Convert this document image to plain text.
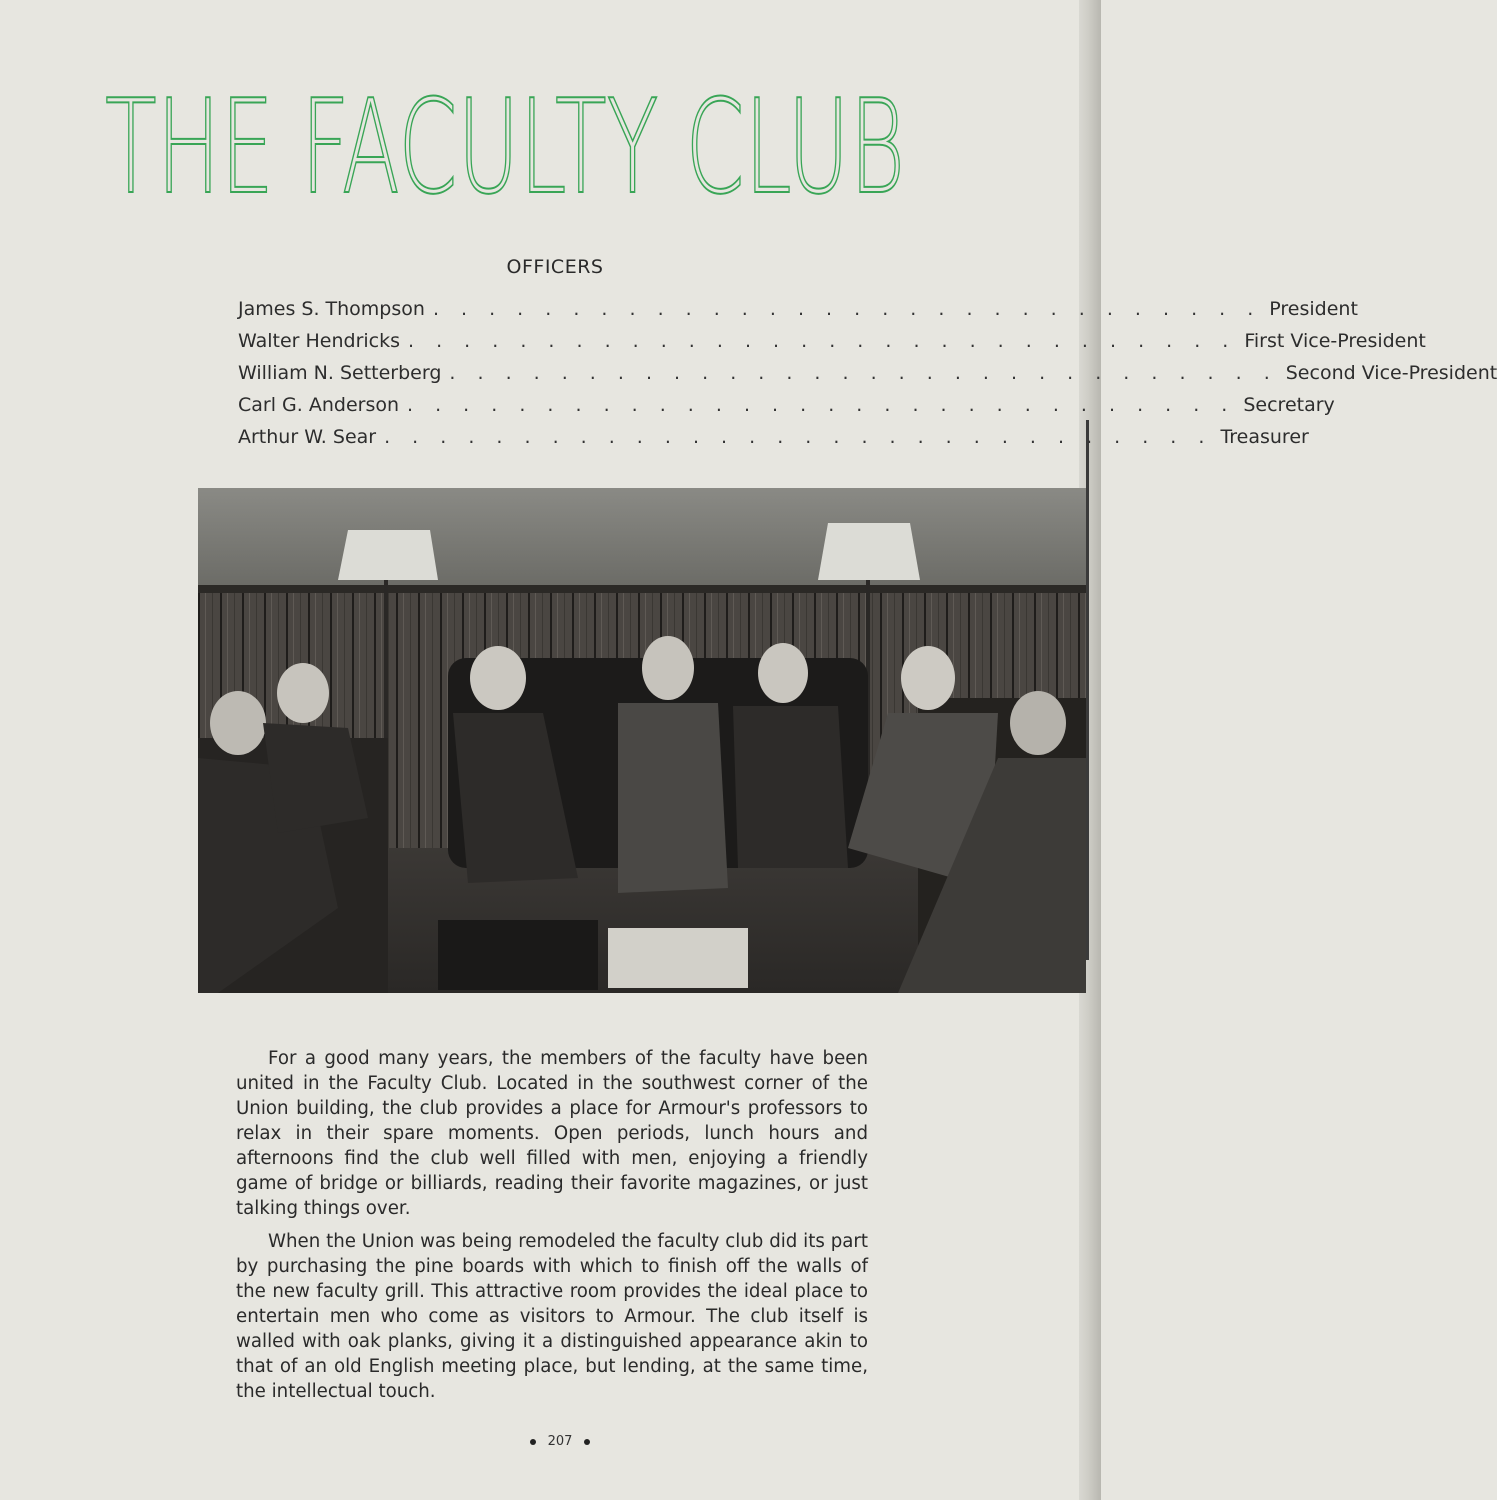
THE FACULTY CLUB
OFFICERS
James S. Thompson . . . . . . . . . . . . . . . . . . . . . . . . . . . . . . President
Walter Hendricks . . . . . . . . . . . . . . . . . . . . . . . . . . . . . . First Vice-President
William N. Setterberg . . . . . . . . . . . . . . . . . . . . . . . . . . . . . . Second Vice-President
Carl G. Anderson . . . . . . . . . . . . . . . . . . . . . . . . . . . . . . Secretary
Arthur W. Sear . . . . . . . . . . . . . . . . . . . . . . . . . . . . . . Treasurer

For a good many years, the members of the faculty have been united in the Faculty Club. Located in the southwest corner of the Union building, the club provides a place for Armour's professors to relax in their spare moments. Open periods, lunch hours and afternoons find the club well filled with men, enjoying a friendly game of bridge or billiards, reading their favorite magazines, or just talking things over.

When the Union was being remodeled the faculty club did its part by purchasing the pine boards with which to finish off the walls of the new faculty grill. This attractive room provides the ideal place to entertain men who come as visitors to Armour. The club itself is walled with oak planks, giving it a distinguished appearance akin to that of an old English meeting place, but lending, at the same time, the intellectual touch.

207
